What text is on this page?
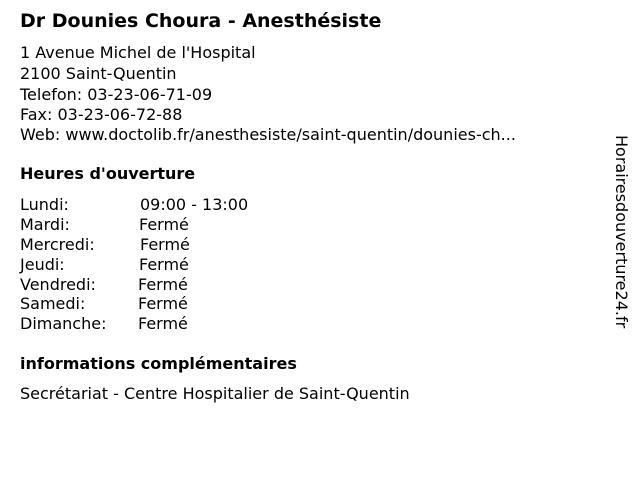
Dr Dounies Choura - Anesthésiste
1 Avenue Michel de l'Hospital
2100 Saint-Quentin
Telefon: 03-23-06-71-09
Fax: 03-23-06-72-88
Web: www.doctolib.fr/anesthesiste/saint-quentin/dounies-ch...
Heures d'ouverture
Lundi:	09:00 - 13:00
Mardi:	Fermé
Mercredi:	Fermé
Jeudi:	Fermé
Vendredi:	Fermé
Samedi:	Fermé
Dimanche: Fermé
informations complémentaires
Secrétariat - Centre Hospitalier de Saint-Quentin
Horairesdouverture24.fr
